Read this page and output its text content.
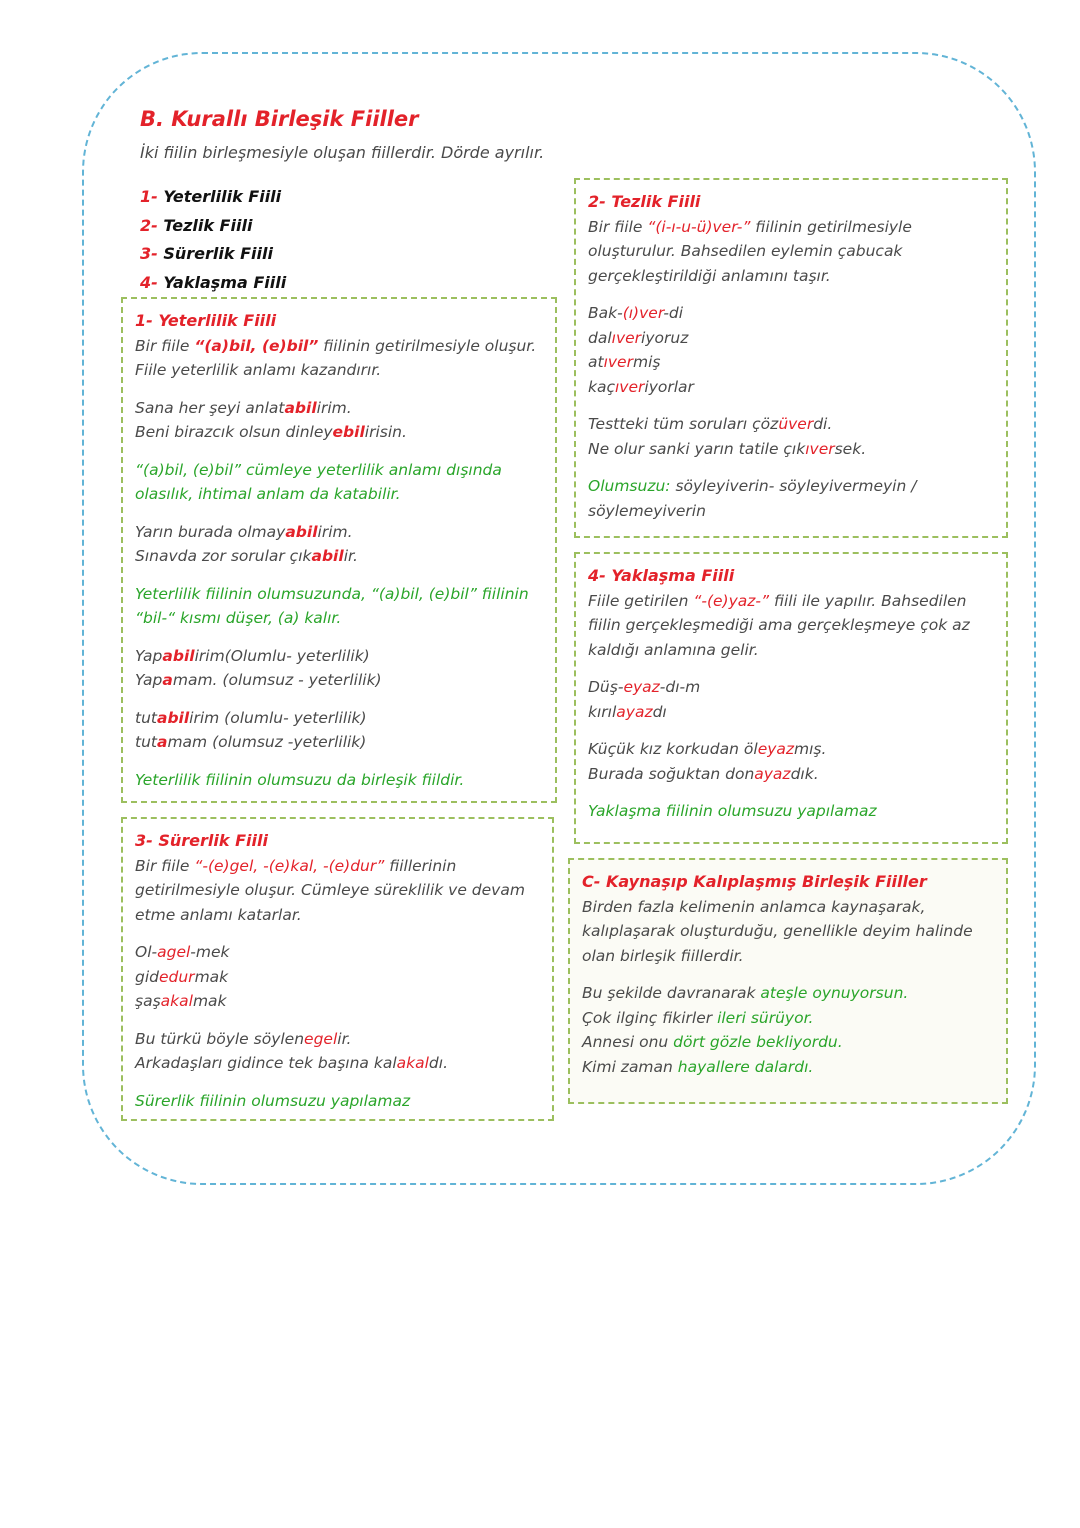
B. Kurallı Birleşik Fiiller
İki fiilin birleşmesiyle oluşan fiillerdir. Dörde ayrılır.
1- Yeterlilik Fiili
2- Tezlik Fiili
3- Sürerlik Fiili
4- Yaklaşma Fiili

1- Yeterlilik Fiili
Bir fiile “(a)bil, (e)bil” fiilinin getirilmesiyle oluşur. Fiile yeterlilik anlamı kazandırır.

Sana her şeyi anlatabilirim.
Beni birazcık olsun dinleyebilirisin.

“(a)bil, (e)bil” cümleye yeterlilik anlamı dışında olasılık, ihtimal anlam da katabilir.

Yarın burada olmayabilirim.
Sınavda zor sorular çıkabilir.

Yeterlilik fiilinin olumsuzunda, “(a)bil, (e)bil” fiilinin “bil-“ kısmı düşer, (a) kalır.

Yapabilirim(Olumlu- yeterlilik)
Yapamam. (olumsuz - yeterlilik)

tutabilirim (olumlu- yeterlilik)
tutamam (olumsuz -yeterlilik)

Yeterlilik fiilinin olumsuzu da birleşik fiildir.

2- Tezlik Fiili
Bir fiile “(i-ı-u-ü)ver-” fiilinin getirilmesiyle oluşturulur. Bahsedilen eylemin çabucak gerçekleştirildiği anlamını taşır.

Bak-(ı)ver-di
dalıveriyoruz
atıvermiş
kaçıveriyorlar

Testteki tüm soruları çözüverdi.
Ne olur sanki yarın tatile çıkıversek.

Olumsuzu: söyleyiverin- söyleyivermeyin / söylemeyiverin

3- Sürerlik Fiili
Bir fiile “-(e)gel, -(e)kal, -(e)dur” fiillerinin getirilmesiyle oluşur. Cümleye süreklilik ve devam etme anlamı katarlar.

Ol-agel-mek
gidedurmak
şaşakalmak

Bu türkü böyle söylenegelir.
Arkadaşları gidince tek başına kalakaldı.

Sürerlik fiilinin olumsuzu yapılamaz

4- Yaklaşma Fiili
Fiile getirilen “-(e)yaz-” fiili ile yapılır. Bahsedilen fiilin gerçekleşmediği ama gerçekleşmeye çok az kaldığı anlamına gelir.

Düş-eyaz-dı-m
kırılayazdı

Küçük kız korkudan öleyazmış.
Burada soğuktan donayazdık.

Yaklaşma fiilinin olumsuzu yapılamaz

C- Kaynaşıp Kalıplaşmış Birleşik Fiiller
Birden fazla kelimenin anlamca kaynaşarak, kalıplaşarak oluşturduğu, genellikle deyim halinde olan birleşik fiillerdir.

Bu şekilde davranarak ateşle oynuyorsun.
Çok ilginç fikirler ileri sürüyor.
Annesi onu dört gözle bekliyordu.
Kimi zaman hayallere dalardı.
